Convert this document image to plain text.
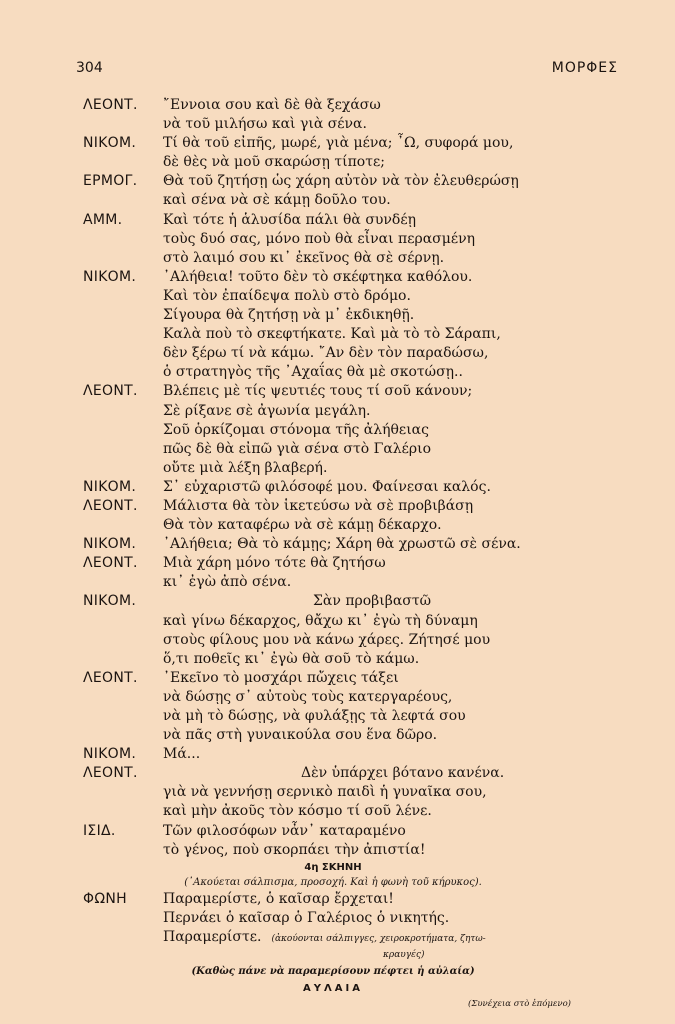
304	ΜΟΡΦΕΣ
ΛΕΟΝΤ. ῎Εννοια σου καὶ δὲ θὰ ξεχάσω
νὰ τοῦ μιλήσω καὶ γιὰ σένα.
ΝΙΚΟΜ. Τί θὰ τοῦ εἰπῆς, μωρέ, γιὰ μένα; ῏Ω, συφορά μου,
δὲ θὲς νὰ μοῦ σκαρώσῃ τίποτε;
ΕΡΜΟΓ. Θὰ τοῦ ζητήσῃ ὡς χάρη αὐτὸν νὰ τὸν ἐλευθερώσῃ
καὶ σένα νὰ σὲ κάμῃ δοῦλο του.
ΑΜΜ.	Καὶ τότε ἡ ἁλυσίδα πάλι θὰ συνδέῃ
τοὺς δυό σας, μόνο ποὺ θὰ εἶναι περασμένη
στὸ λαιμό σου κι᾽ ἐκεῖνος θὰ σὲ σέρνῃ.
ΝΙΚΟΜ. ᾽Αλήθεια! τοῦτο δὲν τὸ σκέφτηκα καθόλου.
Καὶ τὸν ἐπαίδεψα πολὺ στὸ δρόμο.
Σίγουρα θὰ ζητήσῃ νὰ μ᾽ ἐκδικηθῇ.
Καλὰ ποὺ τὸ σκεφτήκατε. Καὶ μὰ τὸ τὸ Σάραπι,
δὲν ξέρω τί νὰ κάμω. ῎Αν δὲν τὸν παραδώσω,
ὁ στρατηγὸς τῆς ᾽Αχαΐας θὰ μὲ σκοτώσῃ..
ΛΕΟΝΤ. Βλέπεις μὲ τίς ψευτιές τους τί σοῦ κάνουν;
Σὲ ρίξανε σὲ ἀγωνία μεγάλη.
Σοῦ ὁρκίζομαι στόνομα τῆς ἀλήθειας
πῶς δὲ θὰ εἰπῶ γιὰ σένα στὸ Γαλέριο
οὔτε μιὰ λέξη βλαβερή.
ΝΙΚΟΜ. Σ᾽ εὐχαριστῶ φιλόσοφέ μου. Φαίνεσαι καλός.
ΛΕΟΝΤ. Μάλιστα θὰ τὸν ἱκετεύσω νὰ σὲ προβιβάσῃ
Θὰ τὸν καταφέρω νὰ σὲ κάμῃ δέκαρχο.
ΝΙΚΟΜ. ᾽Αλήθεια; Θὰ τὸ κάμῃς; Χάρη θὰ χρωστῶ σὲ σένα.
ΛΕΟΝΤ. Μιὰ χάρη μόνο τότε θὰ ζητήσω
κι᾽ ἐγὼ ἀπὸ σένα.
ΝΙΚΟΜ.	Σὰν προβιβαστῶ
καὶ γίνω δέκαρχος, θἄχω κι᾽ ἐγὼ τὴ δύναμη
στοὺς φίλους μου νὰ κάνω χάρες. Ζήτησέ μου
ὅ,τι ποθεῖς κι᾽ ἐγὼ θὰ σοῦ τὸ κάμω.
ΛΕΟΝΤ. ᾽Εκεῖνο τὸ μοσχάρι πὤχεις τάξει
νὰ δώσῃς σ᾽ αὐτοὺς τοὺς κατεργαρέους,
νὰ μὴ τὸ δώσῃς, νὰ φυλάξῃς τὰ λεφτά σου
νὰ πᾶς στὴ γυναικούλα σου ἕνα δῶρο.
ΝΙΚΟΜ. Μά...
ΛΕΟΝΤ.	Δὲν ὑπάρχει βότανο κανένα.
γιὰ νὰ γεννήσῃ σερνικὸ παιδὶ ἡ γυναῖκα σου,
καὶ μὴν ἀκοῦς τὸν κόσμο τί σοῦ λένε.
ΙΣΙΔ.	Τῶν φιλοσόφων νἆν᾽ καταραμένο
τὸ γένος, ποὺ σκορπάει τὴν ἀπιστία!
4η ΣΚΗΝΗ
(᾽Ακούεται σάλπισμα, προσοχή. Καὶ ἡ φωνὴ τοῦ κήρυκος).
ΦΩΝΗ	Παραμερίστε, ὁ καῖσαρ ἔρχεται!
Περνάει ὁ καῖσαρ ὁ Γαλέριος ὁ νικητής.
Παραμερίστε. (ἀκούονται σάλπιγγες, χειροκροτήματα, ζητω-
κραυγές)
(Καθὼς πάνε νὰ παραμερίσουν πέφτει ἡ αὐλαία)
ΑΥΛΑΙΑ
(Συνέχεια στὸ ἑπόμενο)
